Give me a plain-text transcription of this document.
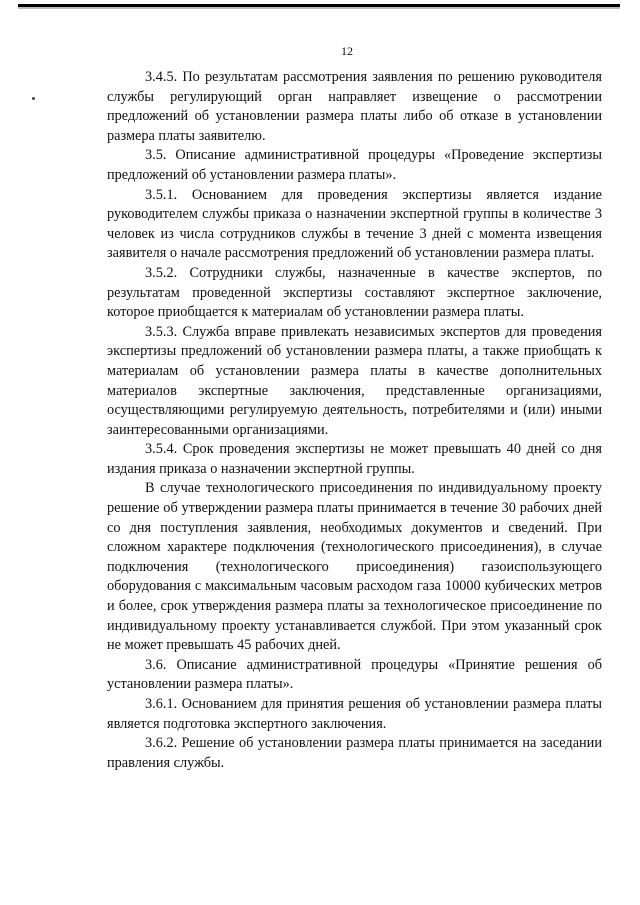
12

3.4.5. По результатам рассмотрения заявления по решению руководителя службы регулирующий орган направляет извещение о рассмотрении предложений об установлении размера платы либо об отказе в установлении размера платы заявителю.

3.5. Описание административной процедуры «Проведение экспертизы предложений об установлении размера платы».

3.5.1. Основанием для проведения экспертизы является издание руководителем службы приказа о назначении экспертной группы в количестве 3 человек из числа сотрудников службы в течение 3 дней с момента извещения заявителя о начале рассмотрения предложений об установлении размера платы.

3.5.2. Сотрудники службы, назначенные в качестве экспертов, по результатам проведенной экспертизы составляют экспертное заключение, которое приобщается к материалам об установлении размера платы.

3.5.3. Служба вправе привлекать независимых экспертов для проведения экспертизы предложений об установлении размера платы, а также приобщать к материалам об установлении размера платы в качестве дополнительных материалов экспертные заключения, представленные организациями, осуществляющими регулируемую деятельность, потребителями и (или) иными заинтересованными организациями.

3.5.4. Срок проведения экспертизы не может превышать 40 дней со дня издания приказа о назначении экспертной группы.

В случае технологического присоединения по индивидуальному проекту решение об утверждении размера платы принимается в течение 30 рабочих дней со дня поступления заявления, необходимых документов и сведений. При сложном характере подключения (технологического присоединения), в случае подключения (технологического присоединения) газоиспользующего оборудования с максимальным часовым расходом газа 10000 кубических метров и более, срок утверждения размера платы за технологическое присоединение по индивидуальному проекту устанавливается службой. При этом указанный срок не может превышать 45 рабочих дней.

3.6. Описание административной процедуры «Принятие решения об установлении размера платы».

3.6.1. Основанием для принятия решения об установлении размера платы является подготовка экспертного заключения.

3.6.2. Решение об установлении размера платы принимается на заседании правления службы.
